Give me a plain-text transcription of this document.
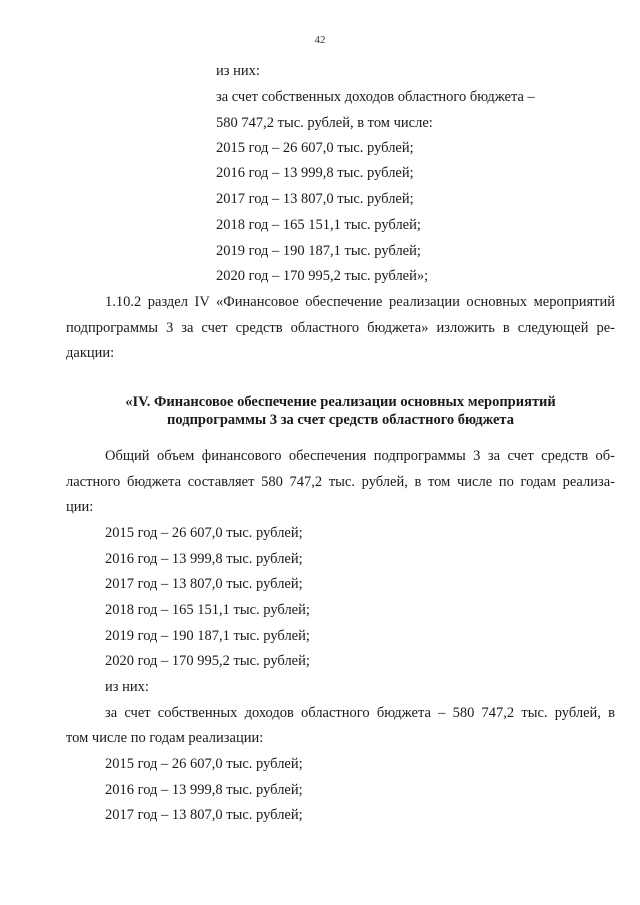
42
из них:
за счет собственных доходов областного бюджета –
580 747,2 тыс. рублей, в том числе:
2015 год – 26 607,0 тыс. рублей;
2016 год – 13 999,8 тыс. рублей;
2017 год – 13 807,0 тыс. рублей;
2018 год – 165 151,1 тыс. рублей;
2019 год – 190 187,1 тыс. рублей;
2020 год – 170 995,2 тыс. рублей»;
1.10.2 раздел IV «Финансовое обеспечение реализации основных мероприятий
подпрограммы 3 за счет средств областного бюджета» изложить в следующей ре-
дакции:
«IV. Финансовое обеспечение реализации основных мероприятий
подпрограммы 3 за счет средств областного бюджета
Общий объем финансового обеспечения подпрограммы 3 за счет средств об-
ластного бюджета составляет 580 747,2 тыс. рублей, в том числе по годам реализа-
ции:
2015 год – 26 607,0 тыс. рублей;
2016 год – 13 999,8 тыс. рублей;
2017 год – 13 807,0 тыс. рублей;
2018 год – 165 151,1 тыс. рублей;
2019 год – 190 187,1 тыс. рублей;
2020 год – 170 995,2 тыс. рублей;
из них:
за счет собственных доходов областного бюджета – 580 747,2 тыс. рублей, в
том числе по годам реализации:
2015 год – 26 607,0 тыс. рублей;
2016 год – 13 999,8 тыс. рублей;
2017 год – 13 807,0 тыс. рублей;
